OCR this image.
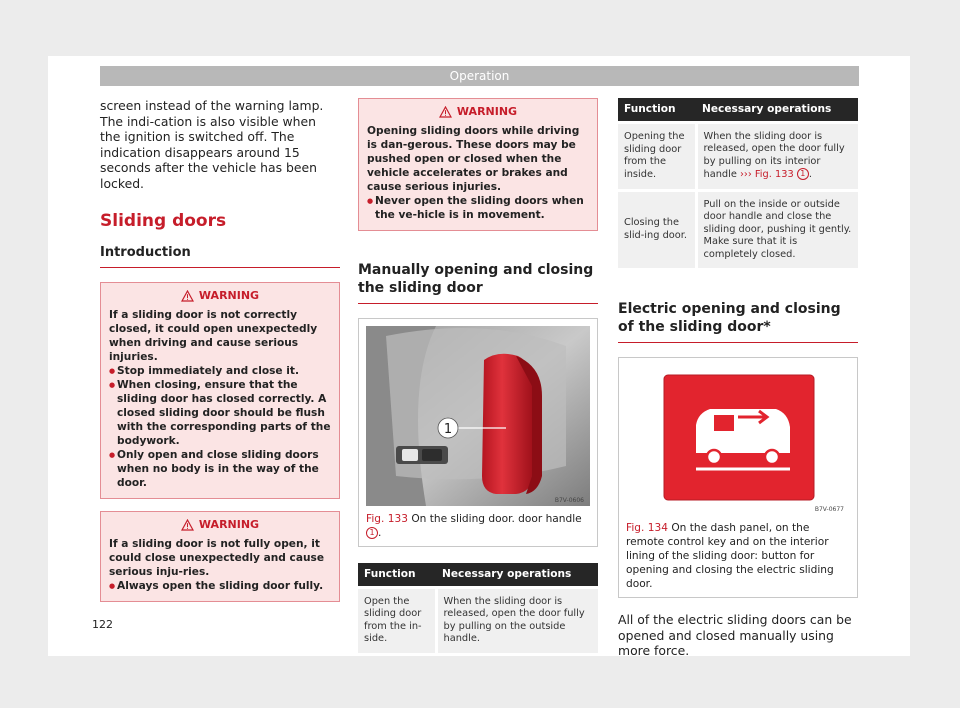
Operation

screen instead of the warning lamp. The indi-cation is also visible when the ignition is switched off. The indication disappears around 15 seconds after the vehicle has been locked.

Sliding doors
Introduction
WARNING

If a sliding door is not correctly closed, it could open unexpectedly when driving and cause serious injuries.

● Stop immediately and close it.
● When closing, ensure that the sliding door has closed correctly. A closed sliding door should be flush with the corresponding parts of the bodywork.
● Only open and close sliding doors when no body is in the way of the door.
WARNING

If a sliding door is not fully open, it could close unexpectedly and cause serious inju-ries.

● Always open the sliding door fully.
WARNING

Opening sliding doors while driving is dan-gerous. These doors may be pushed open or closed when the vehicle accelerates or brakes and cause serious injuries.

● Never open the sliding doors when the ve-hicle is in movement.
Manually opening and closing the sliding door
1
B7V-0606
Fig. 133 On the sliding door. door handle 1 .
Function	Necessary operations
Open the sliding door from the in-side.	When the sliding door is released, open the door fully by pulling on the outside handle.
Function	Necessary operations
Opening the sliding door from the inside.	When the sliding door is released, open the door fully by pulling on its interior handle ››› Fig. 133 1 .
Closing the slid-ing door.	Pull on the inside or outside door handle and close the sliding door, pushing it gently. Make sure that it is completely closed.
Electric opening and closing of the sliding door*
B7V-0677
Fig. 134 On the dash panel, on the remote control key and on the interior lining of the sliding door: button for opening and closing the electric sliding door.

All of the electric sliding doors can be opened and closed manually using more force.

122
